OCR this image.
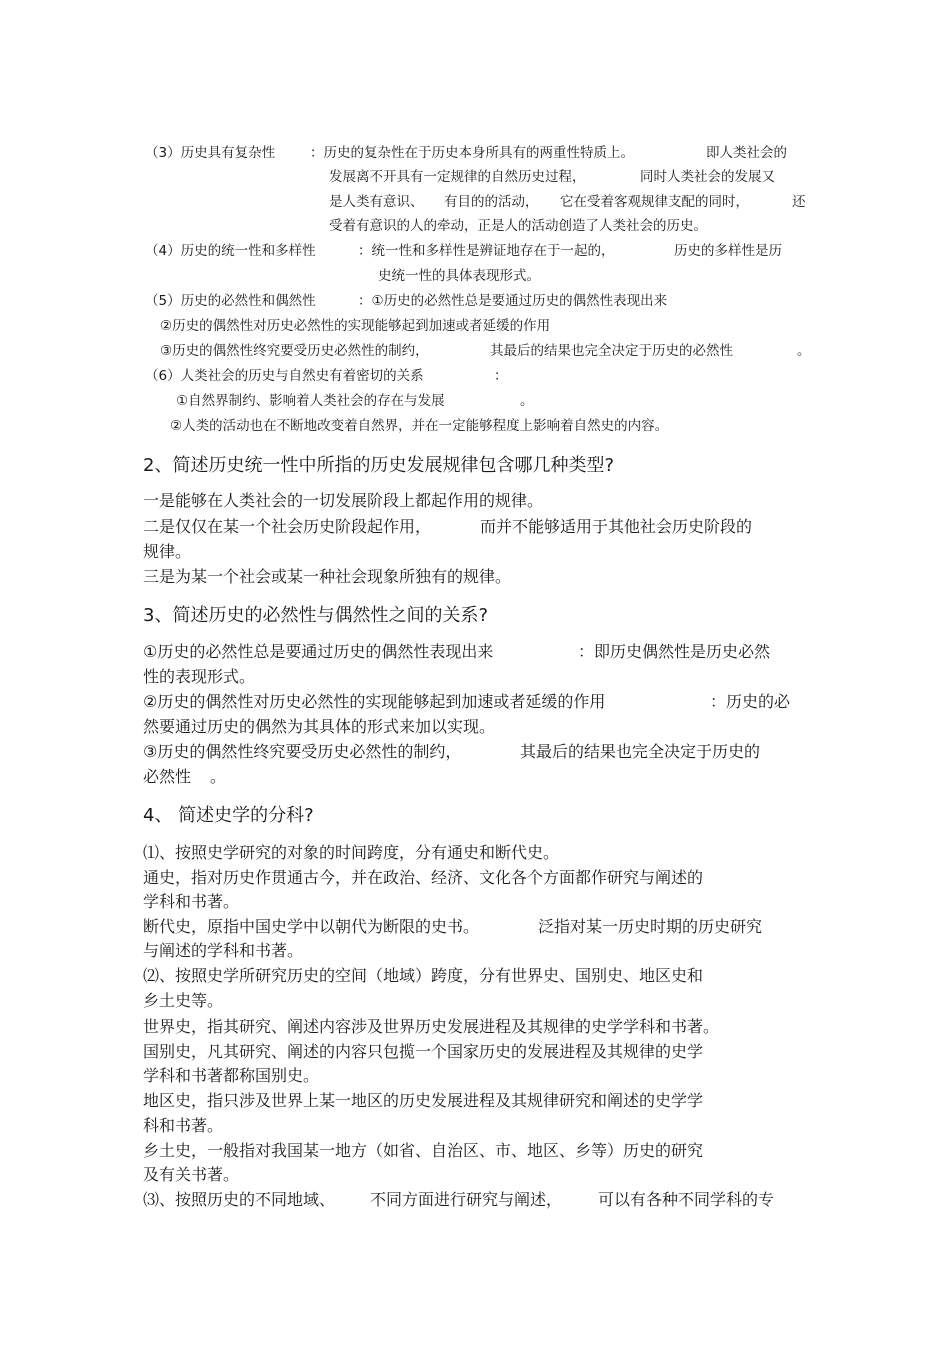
（3）历史具有复杂性	：历史的复杂性在于历史本身所具有的两重性特质上。	即人类社会的
发展离不开具有一定规律的自然历史过程，	同时人类社会的发展又
是人类有意识、 有目的的活动， 它在受着客观规律支配的同时，	还
受着有意识的人的牵动，正是人的活动创造了人类社会的历史。
（4）历史的统一性和多样性	：统一性和多样性是辨证地存在于一起的，	历史的多样性是历
史统一性的具体表现形式。
（5）历史的必然性和偶然性	：①历史的必然性总是要通过历史的偶然性表现出来
②历史的偶然性对历史必然性的实现能够起到加速或者延缓的作用
③历史的偶然性终究要受历史必然性的制约，	其最后的结果也完全决定于历史的必然性	。
（6）人类社会的历史与自然史有着密切的关系	：
①自然界制约、影响着人类社会的存在与发展	。
②人类的活动也在不断地改变着自然界，并在一定能够程度上影响着自然史的内容。
2、简述历史统一性中所指的历史发展规律包含哪几种类型?
一是能够在人类社会的一切发展阶段上都起作用的规律。
二是仅仅在某一个社会历史阶段起作用，	而并不能够适用于其他社会历史阶段的
规律。
三是为某一个社会或某一种社会现象所独有的规律。
3、简述历史的必然性与偶然性之间的关系?
①历史的必然性总是要通过历史的偶然性表现出来	：即历史偶然性是历史必然
性的表现形式。
②历史的偶然性对历史必然性的实现能够起到加速或者延缓的作用	：历史的必
然要通过历史的偶然为其具体的形式来加以实现。
③历史的偶然性终究要受历史必然性的制约，	其最后的结果也完全决定于历史的
必然性 。
4、 简述史学的分科?
⑴、按照史学研究的对象的时间跨度，分有通史和断代史。
通史，指对历史作贯通古今，并在政治、经济、文化各个方面都作研究与阐述的
学科和书著。
断代史，原指中国史学中以朝代为断限的史书。	泛指对某一历史时期的历史研究
与阐述的学科和书著。
⑵、按照史学所研究历史的空间（地域）跨度，分有世界史、国别史、地区史和
乡土史等。
世界史，指其研究、阐述内容涉及世界历史发展进程及其规律的史学学科和书著。
国别史，凡其研究、阐述的内容只包揽一个国家历史的发展进程及其规律的史学
学科和书著都称国别史。
地区史，指只涉及世界上某一地区的历史发展进程及其规律研究和阐述的史学学
科和书著。
乡土史，一般指对我国某一地方（如省、自治区、市、地区、乡等）历史的研究
及有关书著。
⑶、按照历史的不同地域、 不同方面进行研究与阐述， 可以有各种不同学科的专
